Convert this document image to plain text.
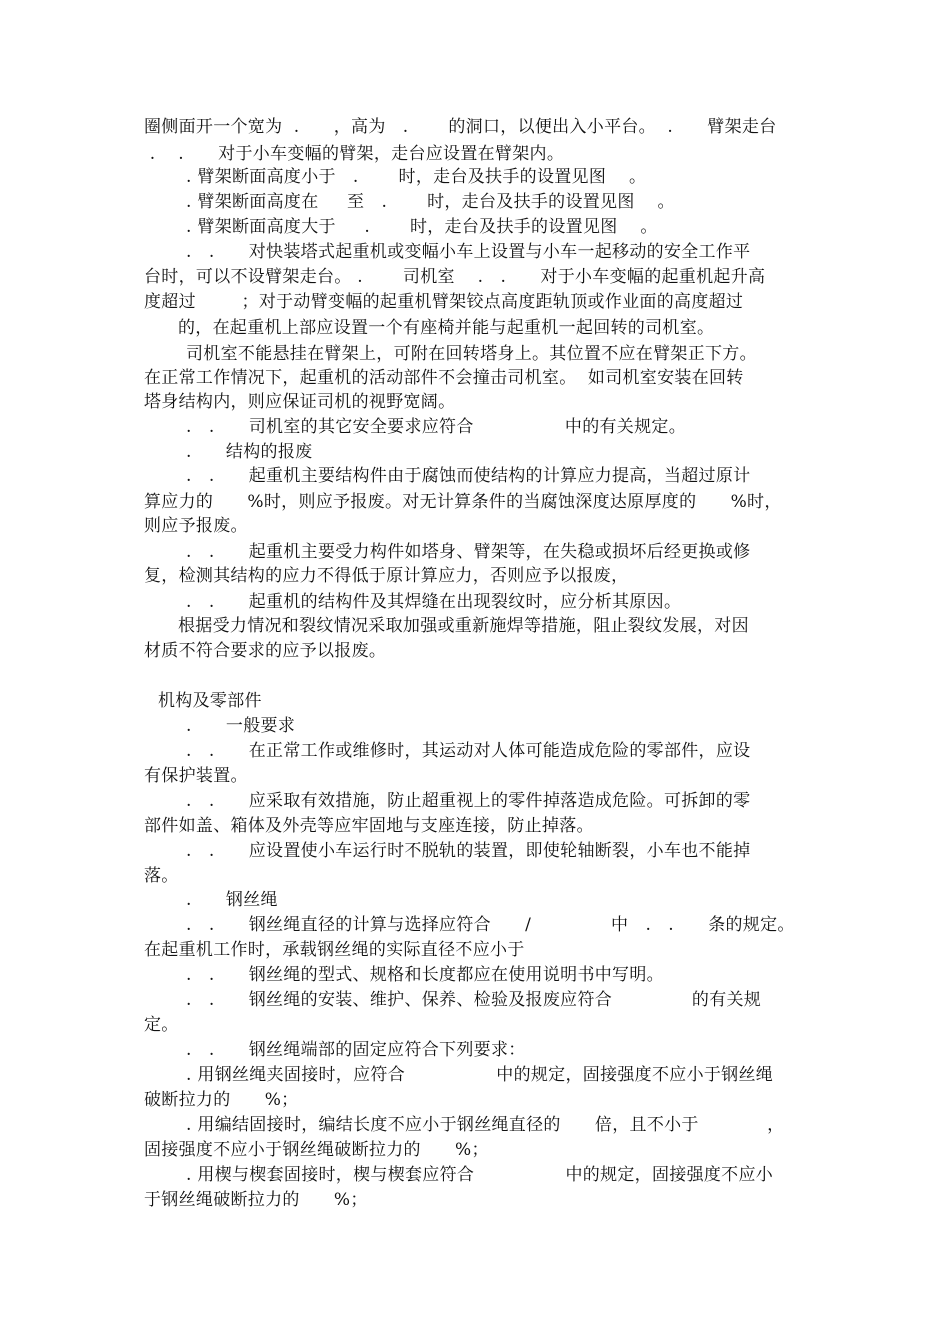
圈侧面开一个宽为  .      ，高为   .       的洞口，以便出入小平台。  .      臂架走台
.    .      对于小车变幅的臂架，走台应设置在臂架内。
. 臂架断面高度小于   .       时，走台及扶手的设置见图    。
. 臂架断面高度在     至   .       时，走台及扶手的设置见图    。
. 臂架断面高度大于     .       时，走台及扶手的设置见图    。
.   .      对快装塔式起重机或变幅小车上设置与小车一起移动的安全工作平
台时，可以不设臂架走台。 .       司机室    .   .      对于小车变幅的起重机起升高
度超过        ；对于动臂变幅的起重机臂架铰点高度距轨顶或作业面的高度超过
的，在起重机上部应设置一个有座椅并能与起重机一起回转的司机室。
司机室不能悬挂在臂架上，可附在回转塔身上。其位置不应在臂架正下方。
在正常工作情况下，起重机的活动部件不会撞击司机室。  如司机室安装在回转
塔身结构内，则应保证司机的视野宽阔。
.   .      司机室的其它安全要求应符合                中的有关规定。
.      结构的报废
.   .      起重机主要结构件由于腐蚀而使结构的计算应力提高，当超过原计
算应力的      %时，则应予报废。对无计算条件的当腐蚀深度达原厚度的      %时，
则应予报废。
.   .      起重机主要受力构件如塔身、臂架等，在失稳或损坏后经更换或修
复，检测其结构的应力不得低于原计算应力，否则应予以报废，
.   .      起重机的结构件及其焊缝在出现裂纹时，应分析其原因。
根据受力情况和裂纹情况采取加强或重新施焊等措施，阻止裂纹发展，对因
材质不符合要求的应予以报废。
机构及零部件
.      一般要求
.   .      在正常工作或维修时，其运动对人体可能造成危险的零部件，应设
有保护装置。
.   .      应采取有效措施，防止超重视上的零件掉落造成危险。可拆卸的零
部件如盖、箱体及外壳等应牢固地与支座连接，防止掉落。
.   .      应设置使小车运行时不脱轨的装置，即使轮轴断裂，小车也不能掉
落。
.      钢丝绳
.   .      钢丝绳直径的计算与选择应符合      /              中   .   .      条的规定。
在起重机工作时，承载钢丝绳的实际直径不应小于
.   .      钢丝绳的型式、规格和长度都应在使用说明书中写明。
.   .      钢丝绳的安装、维护、保养、检验及报废应符合              的有关规
定。
.   .      钢丝绳端部的固定应符合下列要求：
. 用钢丝绳夹固接时，应符合                中的规定，固接强度不应小于钢丝绳
破断拉力的      %；
. 用编结固接时，编结长度不应小于钢丝绳直径的      倍，且不小于            ，
固接强度不应小于钢丝绳破断拉力的      %；
. 用楔与楔套固接时，楔与楔套应符合                中的规定，固接强度不应小
于钢丝绳破断拉力的      %；
